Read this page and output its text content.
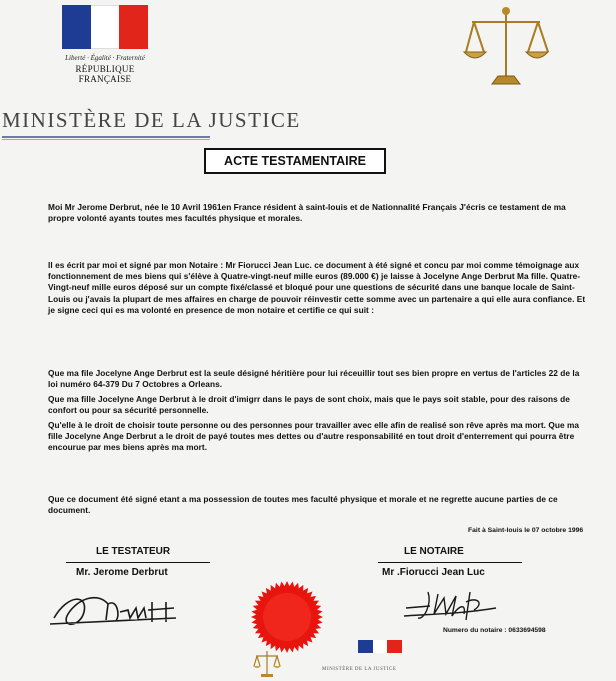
Liberté · Égalité · Fraternité
RÉPUBLIQUE FRANÇAISE
MINISTÈRE DE LA JUSTICE
ACTE TESTAMENTAIRE
Moi Mr Jerome Derbrut, née le 10 Avril 1961en France résident à saint-louis et de Nationnalité Français J'écris ce testament de ma propre volonté ayants toutes mes facultés physique et morales.
Il es écrit par moi et signé par mon Notaire : Mr Fiorucci Jean Luc. ce document à été signé et concu par moi comme témoignage aux fonctionnement de mes biens qui s'élève à Quatre-vingt-neuf mille euros (89.000 €) je laisse à Jocelyne Ange Derbrut Ma fille. Quatre-Vingt-neuf mille euros déposé sur un compte fixé/classé et bloqué pour une questions de sécurité dans une banque locale de Saint-Louis ou j'avais la plupart de mes affaires en charge de pouvoir réinvestir cette somme avec un partenaire a qui elle aura confiance. Et je signe ceci qui es ma volonté en presence de mon notaire et certifie ce qui suit :
Que ma file Jocelyne Ange Derbrut est la seule désigné héritière pour lui réceuillir tout ses bien propre en vertus de l'articles 22 de la loi numéro 64-379 Du 7 Octobres a Orleans.
Que ma fille Jocelyne Ange Derbrut à le droit d'imigrr dans le pays de sont choix, mais que le pays soit stable, pour des raisons de confort ou pour sa sécurité personnelle.
Qu'elle à le droit de choisir toute personne ou des personnes pour travailler avec elle afin de realisé son rêve après ma mort. Que ma fille Jocelyne Ange Derbrut a le droit de payé toutes mes dettes ou d'autre responsabilité en tout droit d'enterrement qui pourra être encourue par mes biens après ma mort.
Que ce document été signé etant a ma possession de toutes mes faculté physique et morale et ne regrette aucune parties de ce document.
Fait à Saint-louis le 07 octobre 1996
LE TESTATEUR
Mr. Jerome Derbrut
LE NOTAIRE
Mr .Fiorucci Jean Luc
Numero du notaire : 0633694598
MINISTÈRE DE LA JUSTICE
